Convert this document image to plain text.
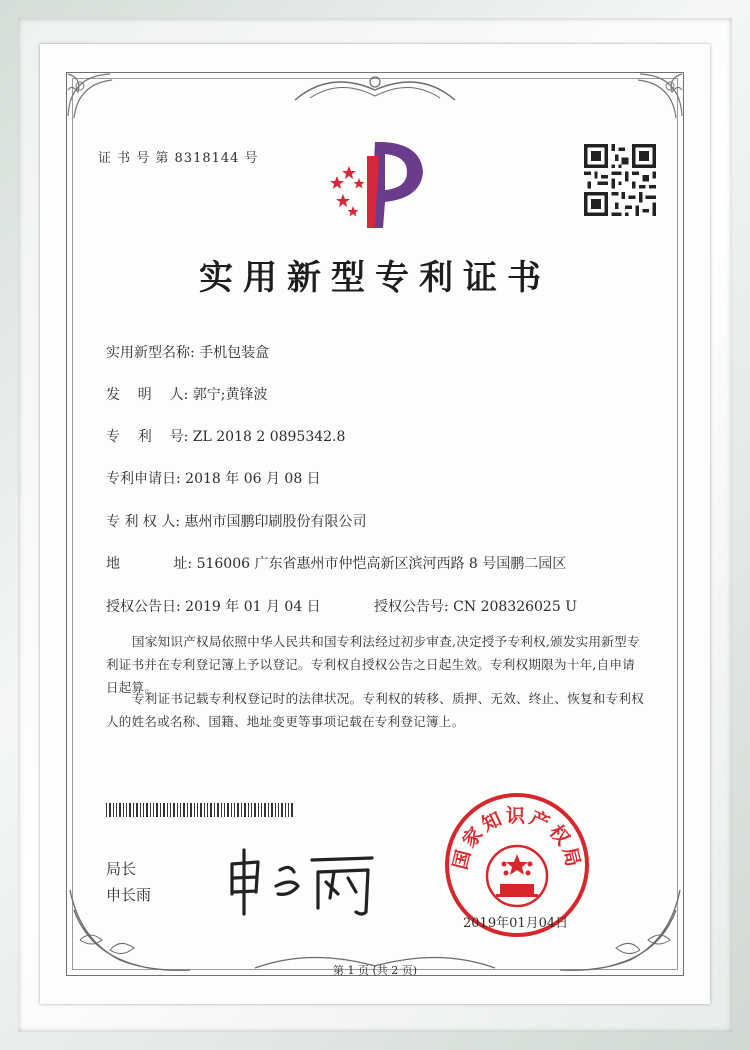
证 书 号 第 8318144 号
实用新型专利证书
实用新型名称: 手机包装盒
发    明    人: 郭宁;黄锋波
专    利    号: ZL 2018 2 0895342.8
专利申请日: 2018 年 06 月 08 日
专 利 权 人: 惠州市国鹏印刷股份有限公司
地            址: 516006 广东省惠州市仲恺高新区滨河西路 8 号国鹏二园区
授权公告日: 2019 年 01 月 04 日	授权公告号: CN 208326025 U
国家知识产权局依照中华人民共和国专利法经过初步审查,决定授予专利权,颁发实用新型专利证书并在专利登记簿上予以登记。专利权自授权公告之日起生效。专利权期限为十年,自申请日起算。
专利证书记载专利权登记时的法律状况。专利权的转移、质押、无效、终止、恢复和专利权人的姓名或名称、国籍、地址变更等事项记载在专利登记簿上。
局长
申长雨
国家知识产权局
2019年01月04日
第 1 页 (共 2 页)
